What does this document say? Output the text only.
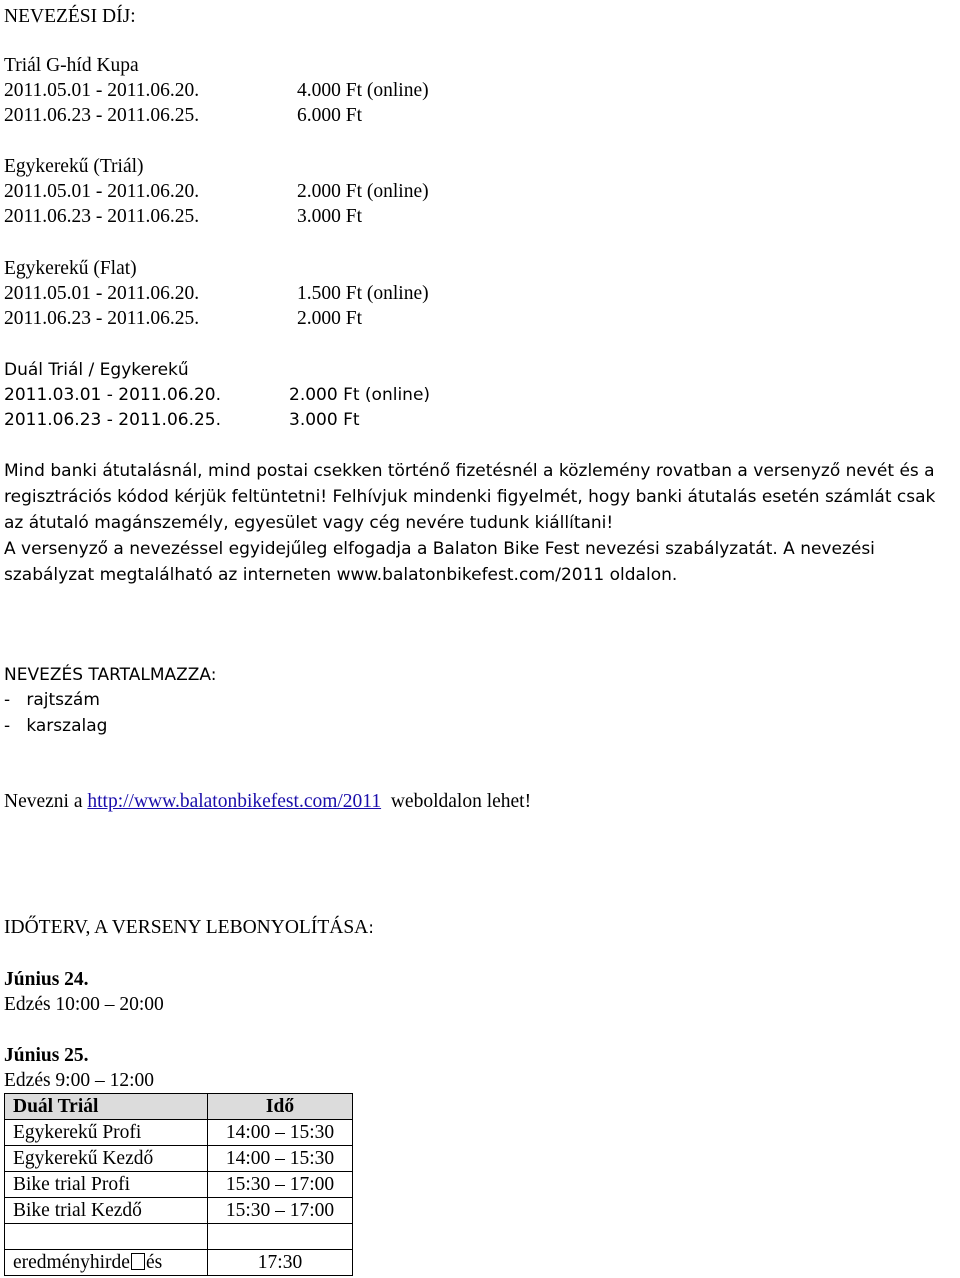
NEVEZÉSI DÍJ:
Triál G-híd Kupa
2011.05.01 - 2011.06.20.	4.000 Ft (online)
2011.06.23 - 2011.06.25.	6.000 Ft
Egykerekű (Triál)
2011.05.01 - 2011.06.20.	2.000 Ft (online)
2011.06.23 - 2011.06.25.	3.000 Ft
Egykerekű (Flat)
2011.05.01 - 2011.06.20.	1.500 Ft (online)
2011.06.23 - 2011.06.25.	2.000 Ft
Duál Triál / Egykerekű
2011.03.01 - 2011.06.20.	2.000 Ft (online)
2011.06.23 - 2011.06.25.	3.000 Ft

Mind banki átutalásnál, mind postai csekken történő fizetésnél a közlemény rovatban a versenyző nevét és a regisztrációs kódod kérjük feltüntetni! Felhívjuk mindenki figyelmét, hogy banki átutalás esetén számlát csak az átutaló magánszemély, egyesület vagy cég nevére tudunk kiállítani!

A versenyző a nevezéssel egyidejűleg elfogadja a Balaton Bike Fest nevezési szabályzatát. A nevezési szabályzat megtalálható az interneten www.balatonbikefest.com/2011 oldalon.

NEVEZÉS TARTALMAZZA:
-   rajtszám
-   karszalag
Nevezni a http://www.balatonbikefest.com/2011  weboldalon lehet!
IDŐTERV, A VERSENY LEBONYOLÍTÁSA:
Június 24.
Edzés 10:00 – 20:00
Június 25.
Edzés 9:00 – 12:00
Duál Triál	Idő
Egykerekű Profi	14:00 – 15:30
Egykerekű Kezdő	14:00 – 15:30
Bike trial Profi	15:30 – 17:00
Bike trial Kezdő	15:30 – 17:00

eredményhirde és	17:30
